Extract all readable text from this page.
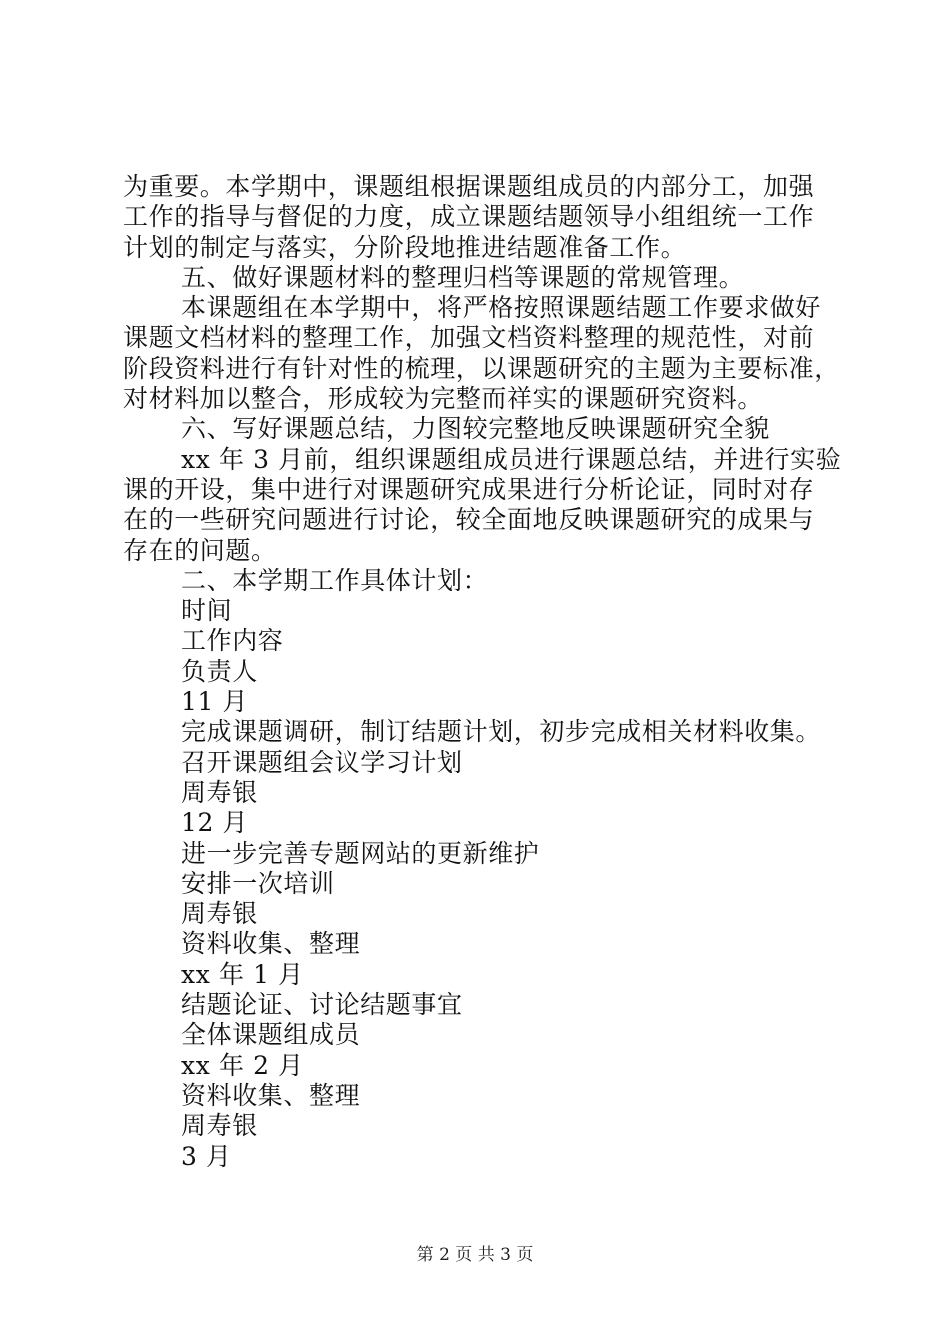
为重要。本学期中，课题组根据课题组成员的内部分工，加强
工作的指导与督促的力度，成立课题结题领导小组组统一工作
计划的制定与落实，分阶段地推进结题准备工作。
五、做好课题材料的整理归档等课题的常规管理。
本课题组在本学期中，将严格按照课题结题工作要求做好
课题文档材料的整理工作，加强文档资料整理的规范性，对前
阶段资料进行有针对性的梳理，以课题研究的主题为主要标准，
对材料加以整合，形成较为完整而祥实的课题研究资料。
六、写好课题总结，力图较完整地反映课题研究全貌
xx 年 3 月前，组织课题组成员进行课题总结，并进行实验
课的开设，集中进行对课题研究成果进行分析论证，同时对存
在的一些研究问题进行讨论，较全面地反映课题研究的成果与
存在的问题。
二、本学期工作具体计划：
时间
工作内容
负责人
11 月
完成课题调研，制订结题计划，初步完成相关材料收集。
召开课题组会议学习计划
周寿银
12 月
进一步完善专题网站的更新维护
安排一次培训
周寿银
资料收集、整理
xx 年 1 月
结题论证、讨论结题事宜
全体课题组成员
xx 年 2 月
资料收集、整理
周寿银
3 月
第 2 页 共 3 页
